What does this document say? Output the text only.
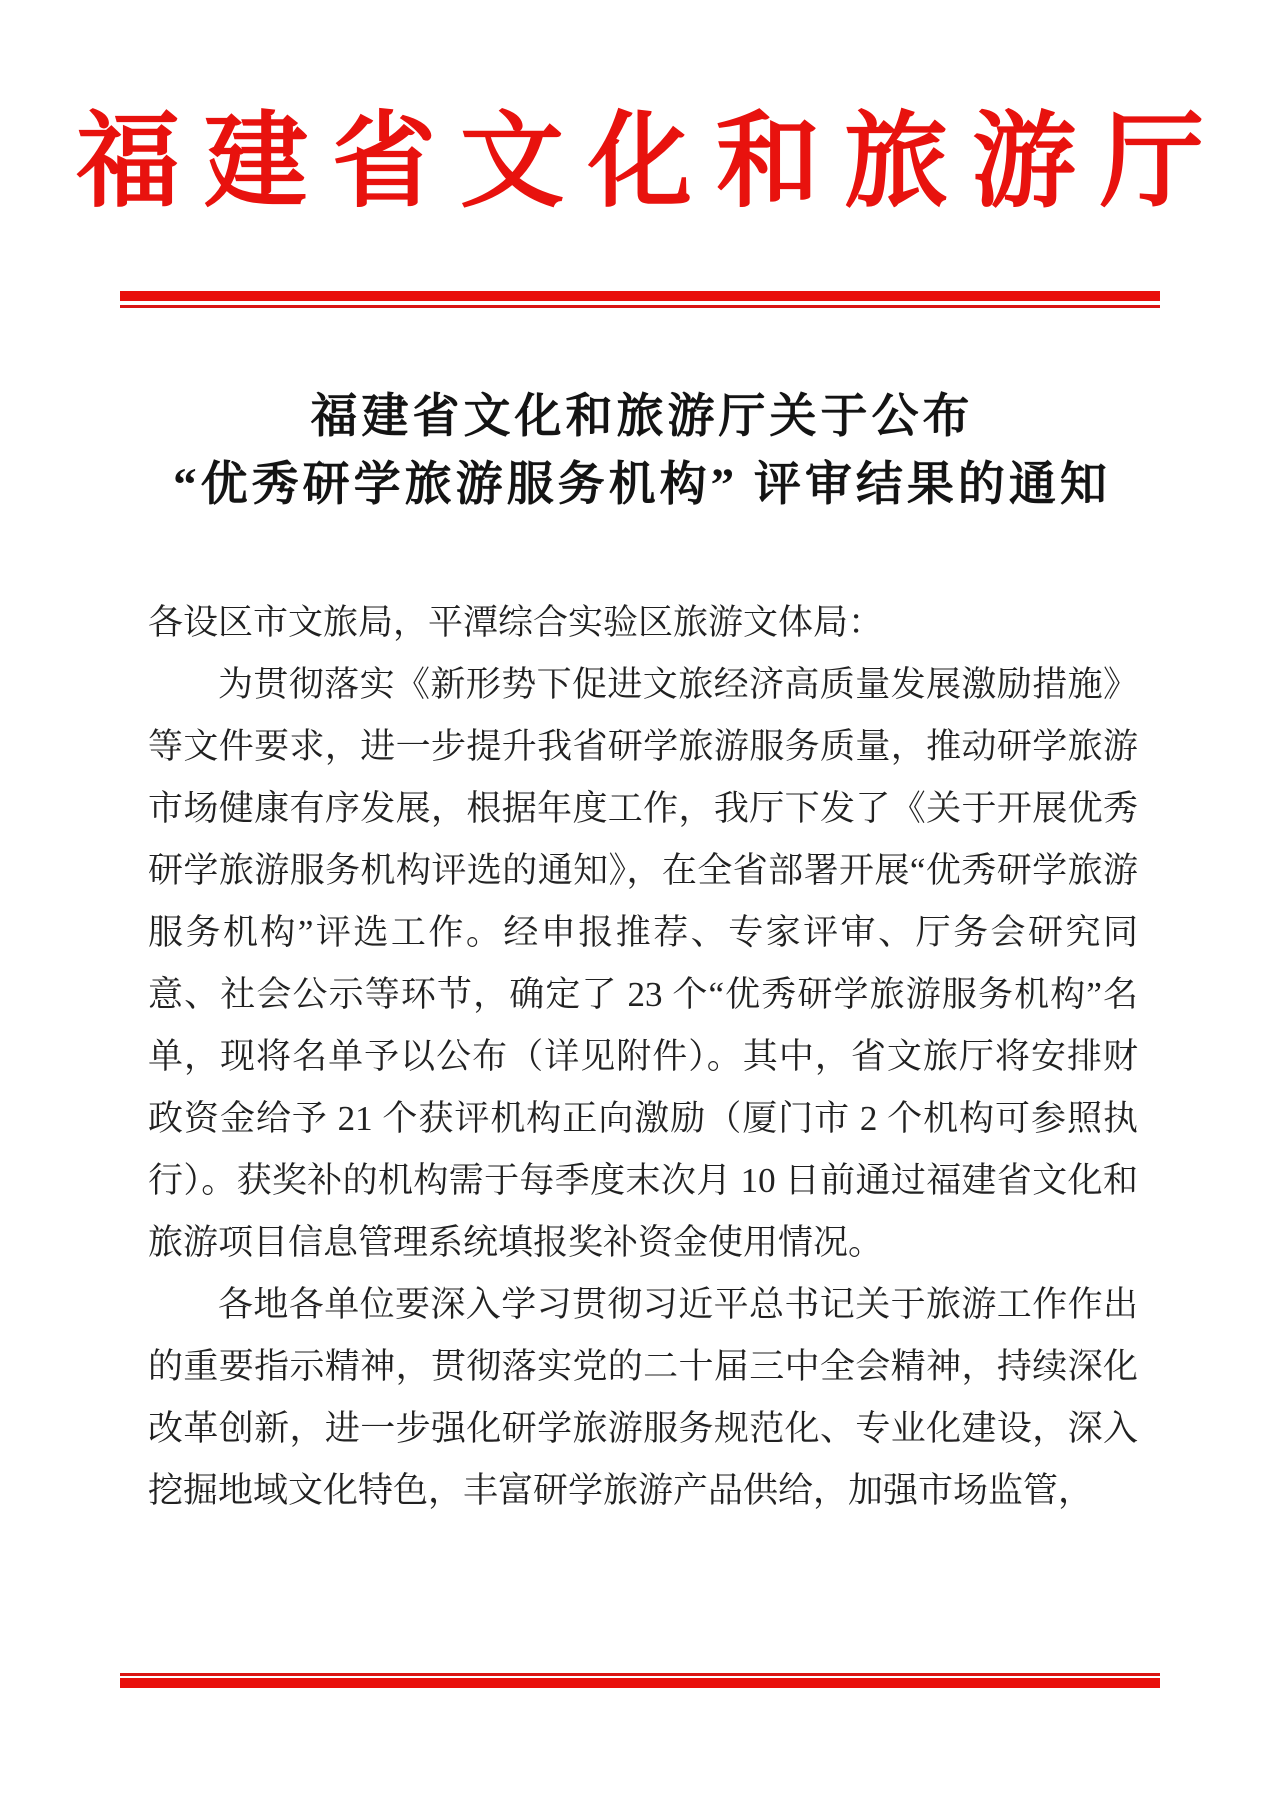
福建省文化和旅游厅
福建省文化和旅游厅关于公布
“优秀研学旅游服务机构” 评审结果的通知

各设区市文旅局，平潭综合实验区旅游文体局：

为贯彻落实《新形势下促进文旅经济高质量发展激励措施》等文件要求，进一步提升我省研学旅游服务质量，推动研学旅游市场健康有序发展，根据年度工作，我厅下发了《关于开展优秀研学旅游服务机构评选的通知》，在全省部署开展“优秀研学旅游服务机构”评选工作。经申报推荐、专家评审、厅务会研究同意、社会公示等环节，确定了 23 个“优秀研学旅游服务机构”名单，现将名单予以公布（详见附件）。其中，省文旅厅将安排财政资金给予 21 个获评机构正向激励（厦门市 2 个机构可参照执行）。获奖补的机构需于每季度末次月 10 日前通过福建省文化和旅游项目信息管理系统填报奖补资金使用情况。

各地各单位要深入学习贯彻习近平总书记关于旅游工作作出的重要指示精神，贯彻落实党的二十届三中全会精神，持续深化改革创新，进一步强化研学旅游服务规范化、专业化建设，深入挖掘地域文化特色，丰富研学旅游产品供给，加强市场监管，
